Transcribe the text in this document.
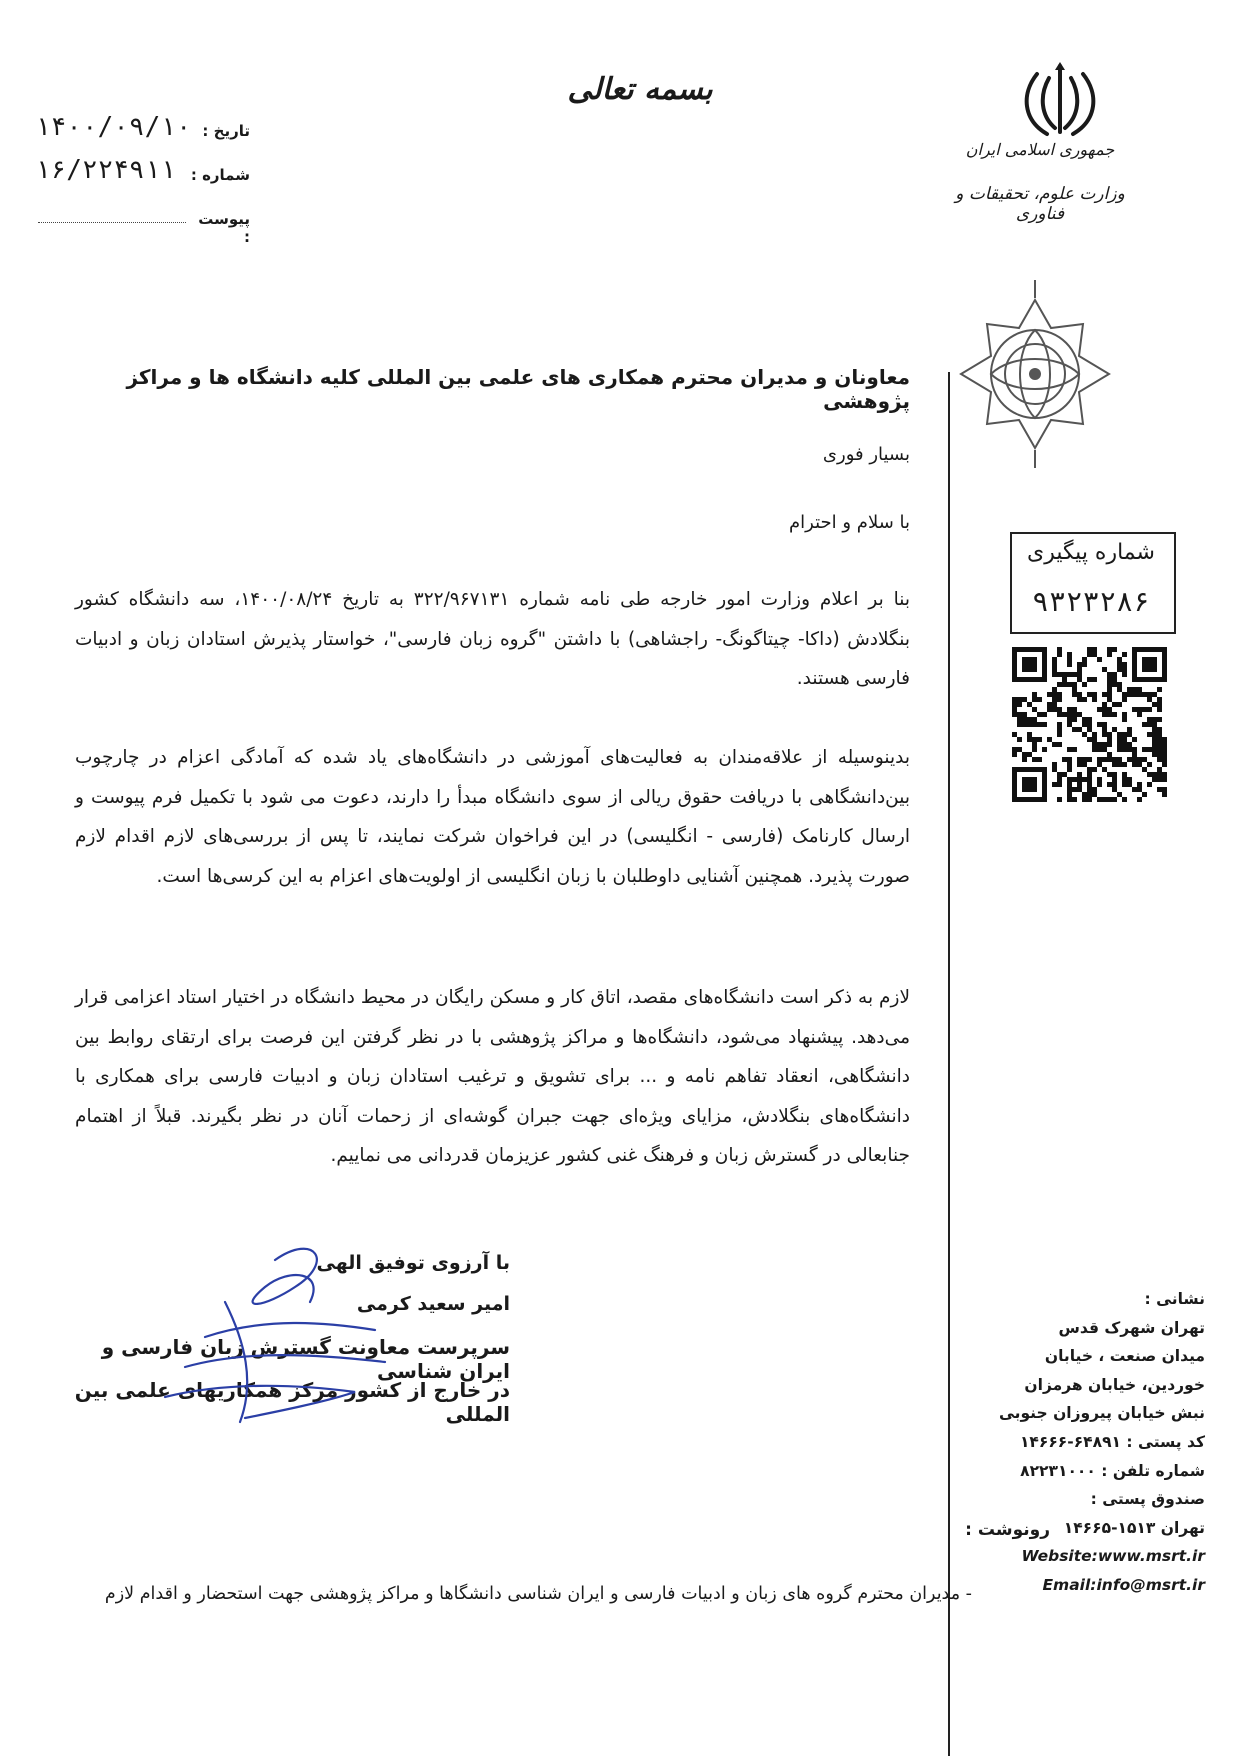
بسمه تعالی
۱۴۰۰/۰۹/۱۰ تاریخ :
۱۶/۲۲۴۹۱۱ شماره :
پیوست :
جمهوری اسلامی ایران
وزارت علوم، تحقیقات و فناوری
شماره پیگیری
۹۳۲۳۲۸۶
معاونان و مدیران محترم همکاری های علمی بین المللی کلیه دانشگاه ها و مراکز پژوهشی
بسیار فوری
با سلام و احترام
بنا بر اعلام وزارت امور خارجه طی نامه شماره ۳۲۲/۹۶۷۱۳۱ به تاریخ ۱۴۰۰/۰۸/۲۴، سه دانشگاه کشور بنگلادش (داکا- چیتاگونگ- راجشاهی) با داشتن "گروه زبان فارسی"، خواستار پذیرش استادان زبان و ادبیات فارسی هستند.
بدینوسیله از علاقه‌مندان به فعالیت‌های آموزشی در دانشگاه‌های یاد شده که آمادگی اعزام در چارچوب بین‌دانشگاهی با دریافت حقوق ریالی از سوی دانشگاه مبدأ را دارند، دعوت می شود با تکمیل فرم پیوست و ارسال کارنامک (فارسی - انگلیسی) در این فراخوان شرکت نمایند، تا پس از بررسی‌های لازم اقدام لازم صورت پذیرد. همچنین آشنایی داوطلبان با زبان انگلیسی از اولویت‌های اعزام به این کرسی‌ها است.
لازم به ذکر است دانشگاه‌های مقصد، اتاق کار و مسکن رایگان در محیط دانشگاه در اختیار استاد اعزامی قرار می‌دهد. پیشنهاد می‌شود، دانشگاه‌ها و مراکز پژوهشی با در نظر گرفتن این فرصت برای ارتقای روابط بین دانشگاهی، انعقاد تفاهم نامه و ... برای تشویق و ترغیب استادان زبان و ادبیات فارسی برای همکاری با دانشگاه‌های بنگلادش، مزایای ویژه‌ای جهت جبران گوشه‌ای از زحمات آنان در نظر بگیرند. قبلاً از اهتمام جنابعالی در گسترش زبان و فرهنگ غنی کشور عزیزمان قدردانی می نماییم.
با آرزوی توفیق الهی
امیر سعید کرمی
سرپرست معاونت گسترش زبان فارسی و ایران شناسی
در خارج از کشور مرکز همکاریهای علمی بین المللی
نشانی :
تهران شهرک قدس
میدان صنعت ، خیابان
خوردین، خیابان هرمزان
نبش خیابان پیروزان جنوبی
کد پستی : ۶۴۸۹۱-۱۴۶۶۶
شماره تلفن : ۸۲۲۳۱۰۰۰
صندوق پستی :
تهران ۱۵۱۳-۱۴۶۶۵
Website:www.msrt.ir
Email:info@msrt.ir
رونوشت :
- مدیران محترم گروه های زبان و ادبیات فارسی و ایران شناسی دانشگاها و مراکز پژوهشی جهت استحضار و اقدام لازم
